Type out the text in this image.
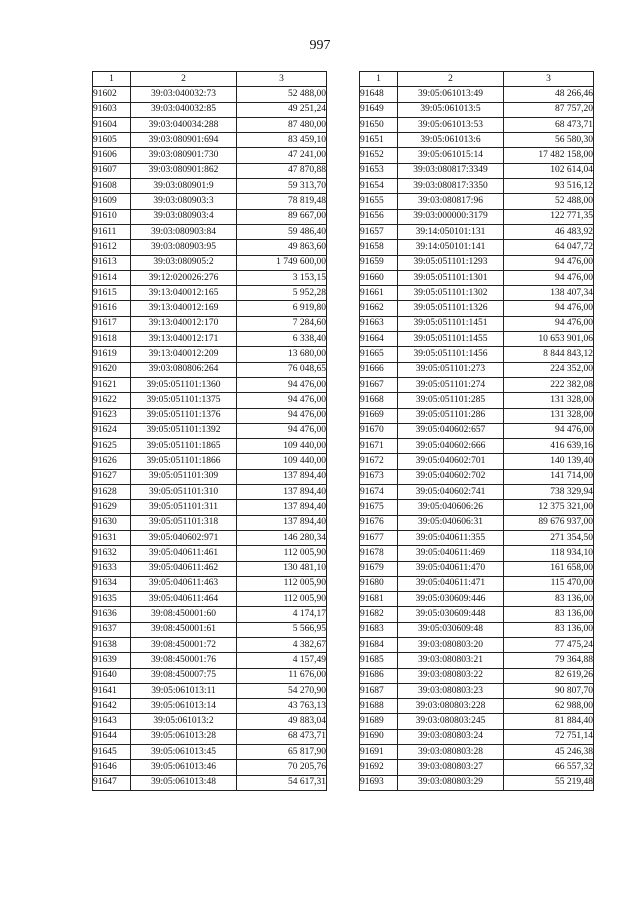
997
1	2	3
91602	39:03:040032:73	52 488,00
91603	39:03:040032:85	49 251,24
91604	39:03:040034:288	87 480,00
91605	39:03:080901:694	83 459,10
91606	39:03:080901:730	47 241,00
91607	39:03:080901:862	47 870,88
91608	39:03:080901:9	59 313,70
91609	39:03:080903:3	78 819,48
91610	39:03:080903:4	89 667,00
91611	39:03:080903:84	59 486,40
91612	39:03:080903:95	49 863,60
91613	39:03:080905:2	1 749 600,00
91614	39:12:020026:276	3 153,15
91615	39:13:040012:165	5 952,28
91616	39:13:040012:169	6 919,80
91617	39:13:040012:170	7 284,60
91618	39:13:040012:171	6 338,40
91619	39:13:040012:209	13 680,00
91620	39:03:080806:264	76 048,65
91621	39:05:051101:1360	94 476,00
91622	39:05:051101:1375	94 476,00
91623	39:05:051101:1376	94 476,00
91624	39:05:051101:1392	94 476,00
91625	39:05:051101:1865	109 440,00
91626	39:05:051101:1866	109 440,00
91627	39:05:051101:309	137 894,40
91628	39:05:051101:310	137 894,40
91629	39:05:051101:311	137 894,40
91630	39:05:051101:318	137 894,40
91631	39:05:040602:971	146 280,34
91632	39:05:040611:461	112 005,90
91633	39:05:040611:462	130 481,10
91634	39:05:040611:463	112 005,90
91635	39:05:040611:464	112 005,90
91636	39:08:450001:60	4 174,17
91637	39:08:450001:61	5 566,95
91638	39:08:450001:72	4 382,67
91639	39:08:450001:76	4 157,49
91640	39:08:450007:75	11 676,00
91641	39:05:061013:11	54 270,90
91642	39:05:061013:14	43 763,13
91643	39:05:061013:2	49 883,04
91644	39:05:061013:28	68 473,71
91645	39:05:061013:45	65 817,90
91646	39:05:061013:46	70 205,76
91647	39:05:061013:48	54 617,31
1	2	3
91648	39:05:061013:49	48 266,46
91649	39:05:061013:5	87 757,20
91650	39:05:061013:53	68 473,71
91651	39:05:061013:6	56 580,30
91652	39:05:061015:14	17 482 158,00
91653	39:03:080817:3349	102 614,04
91654	39:03:080817:3350	93 516,12
91655	39:03:080817:96	52 488,00
91656	39:03:000000:3179	122 771,35
91657	39:14:050101:131	46 483,92
91658	39:14:050101:141	64 047,72
91659	39:05:051101:1293	94 476,00
91660	39:05:051101:1301	94 476,00
91661	39:05:051101:1302	138 407,34
91662	39:05:051101:1326	94 476,00
91663	39:05:051101:1451	94 476,00
91664	39:05:051101:1455	10 653 901,06
91665	39:05:051101:1456	8 844 843,12
91666	39:05:051101:273	224 352,00
91667	39:05:051101:274	222 382,08
91668	39:05:051101:285	131 328,00
91669	39:05:051101:286	131 328,00
91670	39:05:040602:657	94 476,00
91671	39:05:040602:666	416 639,16
91672	39:05:040602:701	140 139,40
91673	39:05:040602:702	141 714,00
91674	39:05:040602:741	738 329,94
91675	39:05:040606:26	12 375 321,00
91676	39:05:040606:31	89 676 937,00
91677	39:05:040611:355	271 354,50
91678	39:05:040611:469	118 934,10
91679	39:05:040611:470	161 658,00
91680	39:05:040611:471	115 470,00
91681	39:05:030609:446	83 136,00
91682	39:05:030609:448	83 136,00
91683	39:05:030609:48	83 136,00
91684	39:03:080803:20	77 475,24
91685	39:03:080803:21	79 364,88
91686	39:03:080803:22	82 619,26
91687	39:03:080803:23	90 807,70
91688	39:03:080803:228	62 988,00
91689	39:03:080803:245	81 884,40
91690	39:03:080803:24	72 751,14
91691	39:03:080803:28	45 246,38
91692	39:03:080803:27	66 557,32
91693	39:03:080803:29	55 219,48
